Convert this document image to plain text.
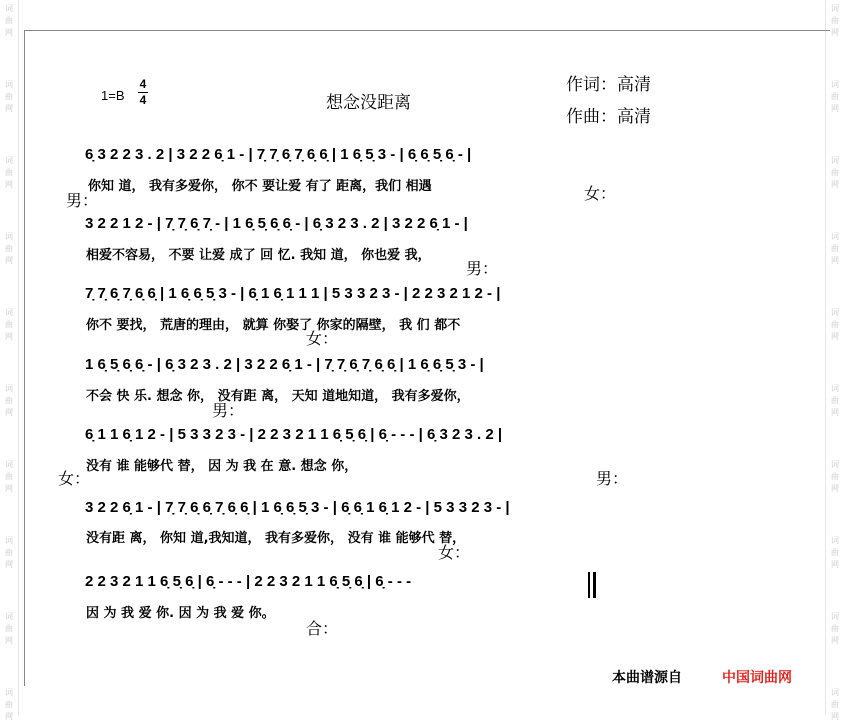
词
曲
网
词
曲
网
词
曲
网
词
曲
网
词
曲
网
词
曲
网
词
曲
网
词
曲
网
词
曲
网
词
曲
网
词
曲
网
词
曲
网
词
曲
网
词
曲
网
词
曲
网
词
曲
网
词
曲
网
词
曲
网
词
曲
网
词
曲
网
1=B
4
4	想念没距离
作词：高清
作曲：高清
6̣ 3 2 2 3 . 2 | 3 2 2 6̣ 1 - | 7̣ 7̣ 6̣ 7̣ 6̣ 6̣ | 1 6̣ 5̣ 3 - | 6̣ 6̣ 5̣ 6̣ - |
你知 道， 我有多爱你， 你不 要让爱 有了 距离，我们 相遇
男：	女：
3 2 2 1 2 - | 7̣ 7̣ 6̣ 7̣ - | 1 6̣ 5̣ 6̣ 6̣ - | 6̣ 3 2 3 . 2 | 3 2 2 6̣ 1 - |
相爱不容易， 不要 让爱 成了 回 忆. 我知 道， 你也爱 我，
男：
7̣ 7̣ 6̣ 7̣ 6̣ 6̣ | 1 6̣ 6̣ 5̣ 3 - | 6̣ 1 6̣ 1 1 1 | 5 3 3 2 3 - | 2 2 3 2 1 2 - |
你不 要找， 荒唐的理由， 就算 你娶了 你家的隔壁， 我 们 都不
女：
1 6̣ 5̣ 6̣ 6̣ - | 6̣ 3 2 3 . 2 | 3 2 2 6̣ 1 - | 7̣ 7̣ 6̣ 7̣ 6̣ 6̣ | 1 6̣ 6̣ 5̣ 3 - |
不会 快 乐. 想念 你， 没有距 离， 天知 道地知道， 我有多爱你，
男：
6̣ 1 1 6̣ 1 2 - | 5 3 3 2 3 - | 2 2 3 2 1 1 6̣ 5̣ 6̣ | 6̣ - - - | 6̣ 3 2 3 . 2 |
没有 谁 能够代 替， 因 为 我 在 意. 想念 你，
女：	男：
3 2 2 6̣ 1 - | 7̣ 7̣ 6̣ 6̣ 7̣ 6̣ 6̣ | 1 6̣ 6̣ 5̣ 3 - | 6̣ 6̣ 1 6̣ 1 2 - | 5 3 3 2 3 - |
没有距 离， 你知 道,我知道， 我有多爱你， 没有 谁 能够代 替，
女：
2 2 3 2 1 1 6̣ 5̣ 6̣ | 6̣ - - - | 2 2 3 2 1 1 6̣ 5̣ 6̣ | 6̣ - - -
因 为 我 爱 你. 因 为 我 爱 你。
合：
本曲谱源自	中国词曲网
